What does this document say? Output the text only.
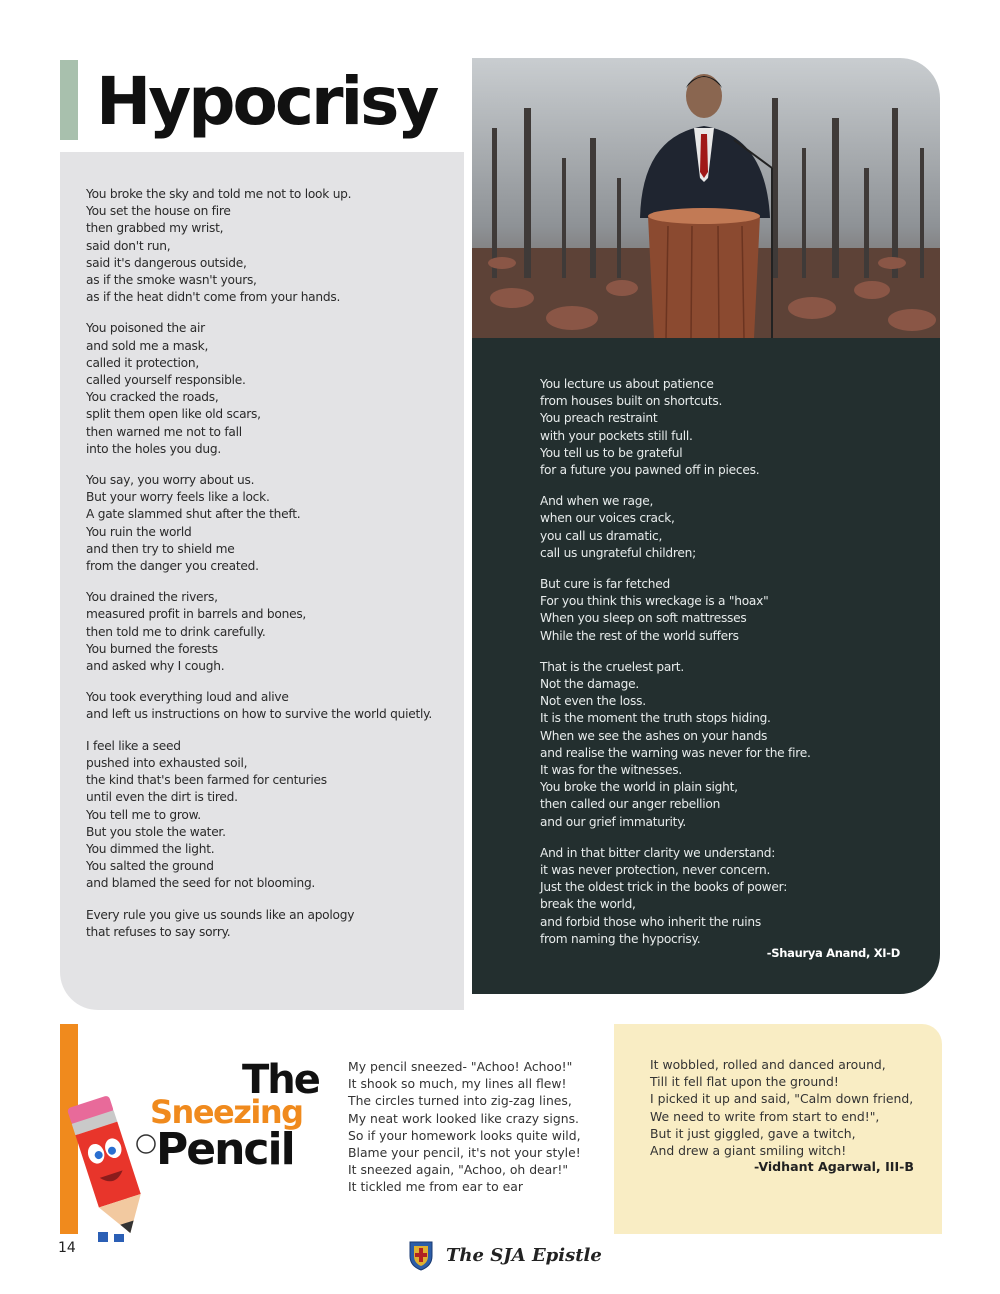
Hypocrisy
You broke the sky and told me not to look up.
You set the house on fire
then grabbed my wrist,
said don't run,
said it's dangerous outside,
as if the smoke wasn't yours,
as if the heat didn't come from your hands.
You poisoned the air
and sold me a mask,
called it protection,
called yourself responsible.
You cracked the roads,
split them open like old scars,
then warned me not to fall
into the holes you dug.
You say, you worry about us.
But your worry feels like a lock.
A gate slammed shut after the theft.
You ruin the world
and then try to shield me
from the danger you created.
You drained the rivers,
measured profit in barrels and bones,
then told me to drink carefully.
You burned the forests
and asked why I cough.
You took everything loud and alive
and left us instructions on how to survive the world quietly.
I feel like a seed
pushed into exhausted soil,
the kind that's been farmed for centuries
until even the dirt is tired.
You tell me to grow.
But you stole the water.
You dimmed the light.
You salted the ground
and blamed the seed for not blooming.
Every rule you give us sounds like an apology
that refuses to say sorry.
You lecture us about patience
from houses built on shortcuts.
You preach restraint
with your pockets still full.
You tell us to be grateful
for a future you pawned off in pieces.
And when we rage,
when our voices crack,
you call us dramatic,
call us ungrateful children;
But cure is far fetched
For you think this wreckage is a "hoax"
When you sleep on soft mattresses
While the rest of the world suffers
That is the cruelest part.
Not the damage.
Not even the loss.
It is the moment the truth stops hiding.
When we see the ashes on your hands
and realise the warning was never for the fire.
It was for the witnesses.
You broke the world in plain sight,
then called our anger rebellion
and our grief immaturity.
And in that bitter clarity we understand:
it was never protection, never concern.
Just the oldest trick in the books of power:
break the world,
and forbid those who inherit the ruins
from naming the hypocrisy.
-Shaurya Anand, XI-D
The
Sneezing
Pencil
My pencil sneezed- "Achoo! Achoo!"
It shook so much, my lines all flew!
The circles turned into zig-zag lines,
My neat work looked like crazy signs.
So if your homework looks quite wild,
Blame your pencil, it's not your style!
It sneezed again, "Achoo, oh dear!"
It tickled me from ear to ear
It wobbled, rolled and danced around,
Till it fell flat upon the ground!
I picked it up and said, "Calm down friend,
We need to write from start to end!",
But it just giggled, gave a twitch,
And drew a giant smiling witch!
-Vidhant Agarwal, III-B
14	The SJA Epistle
